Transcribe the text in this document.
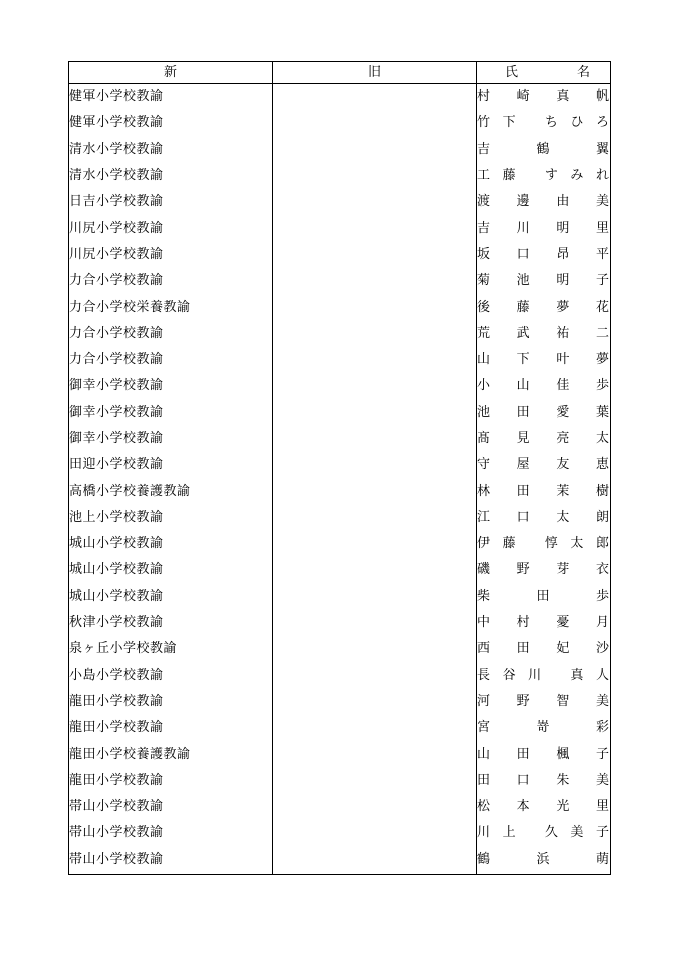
新	旧	氏 名

健軍小学校教諭		村 崎 真 帆

健軍小学校教諭		竹下 ちひろ

清水小学校教諭		吉 鶴 翼

清水小学校教諭		工藤 すみれ

日吉小学校教諭		渡 邊 由 美

川尻小学校教諭		吉 川 明 里

川尻小学校教諭		坂 口 昂 平

力合小学校教諭		菊 池 明 子

力合小学校栄養教諭		後 藤 夢 花

力合小学校教諭		荒 武 祐 二

力合小学校教諭		山 下 叶 夢

御幸小学校教諭		小 山 佳 歩

御幸小学校教諭		池 田 愛 葉

御幸小学校教諭		髙 見 亮 太

田迎小学校教諭		守 屋 友 恵

高橋小学校養護教諭		林 田 茉 樹

池上小学校教諭		江 口 太 朗

城山小学校教諭		伊藤 惇太郎

城山小学校教諭		磯 野 芽 衣

城山小学校教諭		柴 田 歩

秋津小学校教諭		中 村 憂 月

泉ヶ丘小学校教諭		西 田 妃 沙

小島小学校教諭		長谷川 真人

龍田小学校教諭		河 野 智 美

龍田小学校教諭		宮 嵜 彩

龍田小学校養護教諭		山 田 楓 子

龍田小学校教諭		田 口 朱 美

帯山小学校教諭		松 本 光 里

帯山小学校教諭		川上 久美子

帯山小学校教諭		鶴 浜 萌
